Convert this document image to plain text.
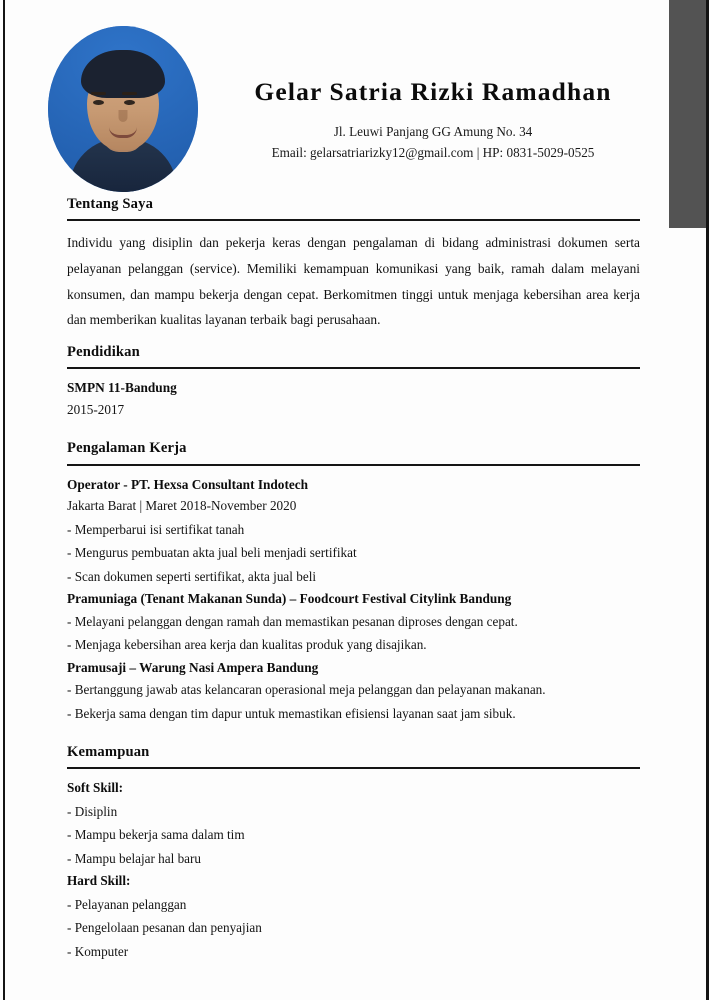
Gelar Satria Rizki Ramadhan

Jl. Leuwi Panjang GG Amung No. 34

Email: gelarsatriarizky12@gmail.com | HP: 0831-5029-0525

Tentang Saya

Individu yang disiplin dan pekerja keras dengan pengalaman di bidang administrasi dokumen serta pelayanan pelanggan (service). Memiliki kemampuan komunikasi yang baik, ramah dalam melayani konsumen, dan mampu bekerja dengan cepat. Berkomitmen tinggi untuk menjaga kebersihan area kerja dan memberikan kualitas layanan terbaik bagi perusahaan.

Pendidikan

SMPN 11-Bandung

2015-2017

Pengalaman Kerja

Operator - PT. Hexsa Consultant Indotech

Jakarta Barat | Maret 2018-November 2020

- Memperbarui isi sertifikat tanah

- Mengurus pembuatan akta jual beli menjadi sertifikat

- Scan dokumen seperti sertifikat, akta jual beli

Pramuniaga (Tenant Makanan Sunda) – Foodcourt Festival Citylink Bandung

- Melayani pelanggan dengan ramah dan memastikan pesanan diproses dengan cepat.

- Menjaga kebersihan area kerja dan kualitas produk yang disajikan.

Pramusaji – Warung Nasi Ampera Bandung

- Bertanggung jawab atas kelancaran operasional meja pelanggan dan pelayanan makanan.

- Bekerja sama dengan tim dapur untuk memastikan efisiensi layanan saat jam sibuk.

Kemampuan

Soft Skill:

- Disiplin

- Mampu bekerja sama dalam tim

- Mampu belajar hal baru

Hard Skill:

- Pelayanan pelanggan

- Pengelolaan pesanan dan penyajian

- Komputer
